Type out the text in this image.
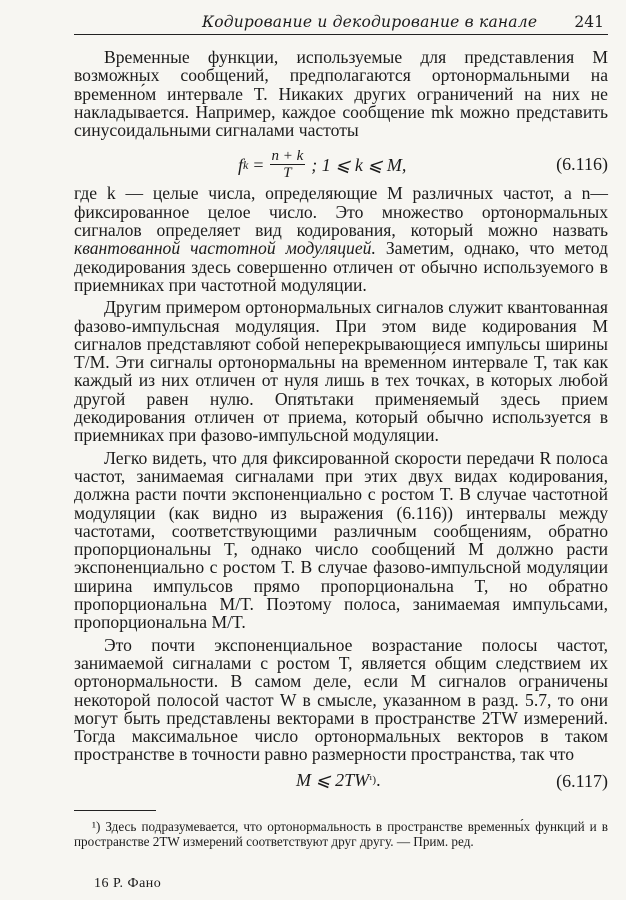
Кодирование и декодирование в канале 241

Временные функции, используемые для представления M возможных сообщений, предполагаются ортонормальными на временно́м интервале T. Никаких других ограничений на них не накладывается. Например, каждое сообщение mk можно представить синусоидальными сигналами частоты

f $k = \frac{n + k}{T}$ ; 1 ⩽ k ⩽ M,	(6.116)

где k — целые числа, определяющие M различных частот, а n— фиксированное целое число. Это множество ортонормальных сигналов определяет вид кодирования, который можно назвать квантованной частотной модуляцией. Заметим, однако, что метод декодирования здесь совершенно отличен от обычно используемого в приемниках при частотной модуляции.

Другим примером ортонормальных сигналов служит квантованная фазово-импульсная модуляция. При этом виде кодирования M сигналов представляют собой неперекрывающиеся импульсы ширины T/M. Эти сигналы ортонормальны на временно́м интервале T, так как каждый из них отличен от нуля лишь в тех точках, в которых любой другой равен нулю. Опятьтаки применяемый здесь прием декодирования отличен от приема, который обычно используется в приемниках при фазово-импульсной модуляции.

Легко видеть, что для фиксированной скорости передачи R полоса частот, занимаемая сигналами при этих двух видах кодирования, должна расти почти экспоненциально с ростом T. В случае частотной модуляции (как видно из выражения (6.116)) интервалы между частотами, соответствующими различным сообщениям, обратно пропорциональны T, однако число сообщений M должно расти экспоненциально с ростом T. В случае фазово-импульсной модуляции ширина импульсов прямо пропорциональна T, но обратно пропорциональна M/T. Поэтому полоса, занимаемая импульсами, пропорциональна M/T.

Это почти экспоненциальное возрастание полосы частот, занимаемой сигналами с ростом T, является общим следствием их ортонормальности. В самом деле, если M сигналов ограничены некоторой полосой частот W в смысле, указанном в разд. 5.7, то они могут быть представлены векторами в пространстве 2TW измерений. Тогда максимальное число ортонормальных векторов в таком пространстве в точности равно размерности пространства, так что

M ⩽ 2TW ¹) .	(6.117)
¹) Здесь подразумевается, что ортонормальность в пространстве временны́х функций и в пространстве 2TW измерений соответствуют друг другу. — Прим. ред.
16 Р. Фано
